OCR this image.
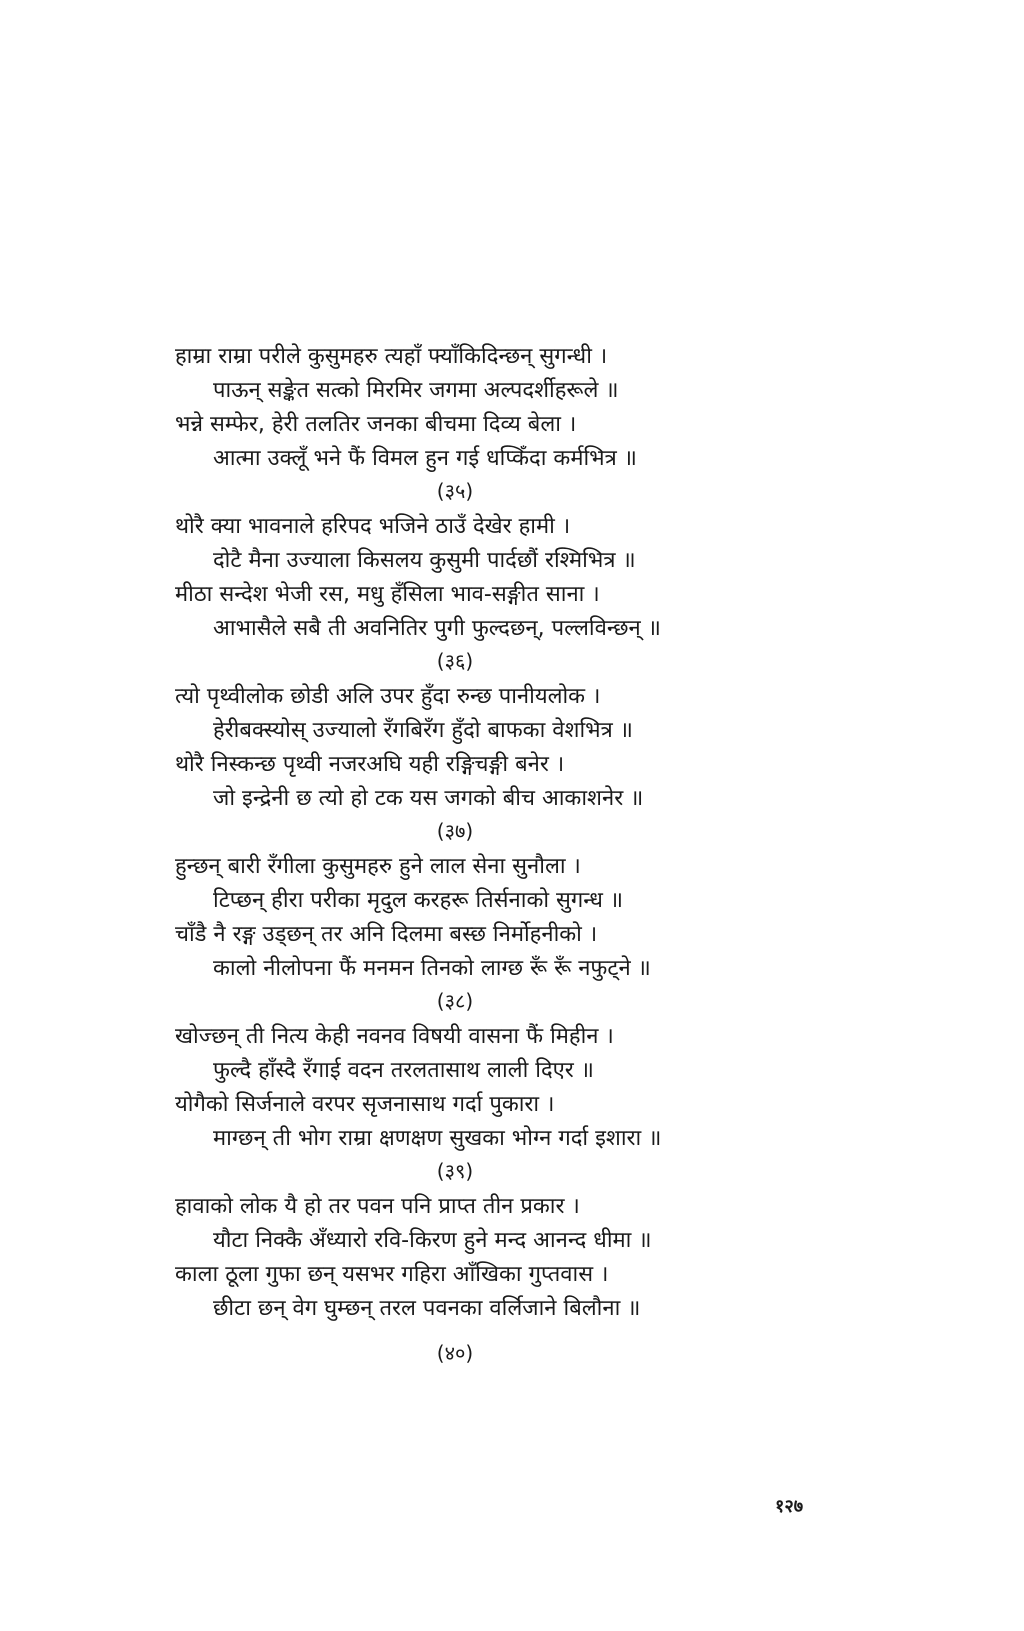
हाम्रा राम्रा परीले कुसुमहरु त्यहाँ फ्याँकिदिन्छन् सुगन्धी ।
पाऊन् सङ्केत सत्को मिरमिर जगमा अल्पदर्शीहरूले ॥
भन्ने सम्फेर, हेरी तलतिर जनका बीचमा दिव्य बेला ।
आत्मा उक्लूँ भने फैं विमल हुन गई धप्किँदा कर्मभित्र ॥
(३५)
थोरै क्या भावनाले हरिपद भजिने ठाउँ देखेर हामी ।
दोटै मैना उज्याला किसलय कुसुमी पार्दछौं रश्मिभित्र ॥
मीठा सन्देश भेजी रस, मधु हँसिला भाव-सङ्गीत साना ।
आभासैले सबै ती अवनितिर पुगी फुल्दछन्, पल्लविन्छन् ॥
(३६)
त्यो पृथ्वीलोक छोडी अलि उपर हुँदा रुन्छ पानीयलोक ।
हेरीबक्स्योस् उज्यालो रँगबिरँग हुँदो बाफका वेशभित्र ॥
थोरै निस्कन्छ पृथ्वी नजरअघि यही रङ्गिचङ्गी बनेर ।
जो इन्द्रेनी छ त्यो हो टक यस जगको बीच आकाशनेर ॥
(३७)
हुन्छन् बारी रँगीला कुसुमहरु हुने लाल सेना सुनौला ।
टिप्छन् हीरा परीका मृदुल करहरू तिर्सनाको सुगन्ध ॥
चाँडै नै रङ्ग उड्छन् तर अनि दिलमा बस्छ निर्मोहनीको ।
कालो नीलोपना फैं मनमन तिनको लाग्छ रूँ रूँ नफुट्ने ॥
(३८)
खोज्छन् ती नित्य केही नवनव विषयी वासना फैं मिहीन ।
फुल्दै हाँस्दै रँगाई वदन तरलतासाथ लाली दिएर ॥
योगैको सिर्जनाले वरपर सृजनासाथ गर्दा पुकारा ।
माग्छन् ती भोग राम्रा क्षणक्षण सुखका भोग्न गर्दा इशारा ॥
(३९)
हावाको लोक यै हो तर पवन पनि प्राप्त तीन प्रकार ।
यौटा निक्कै अँध्यारो रवि-किरण हुने मन्द आनन्द धीमा ॥
काला ठूला गुफा छन् यसभर गहिरा आँखिका गुप्तवास ।
छीटा छन् वेग घुम्छन् तरल पवनका वर्लिजाने बिलौना ॥
(४०)
१२७
